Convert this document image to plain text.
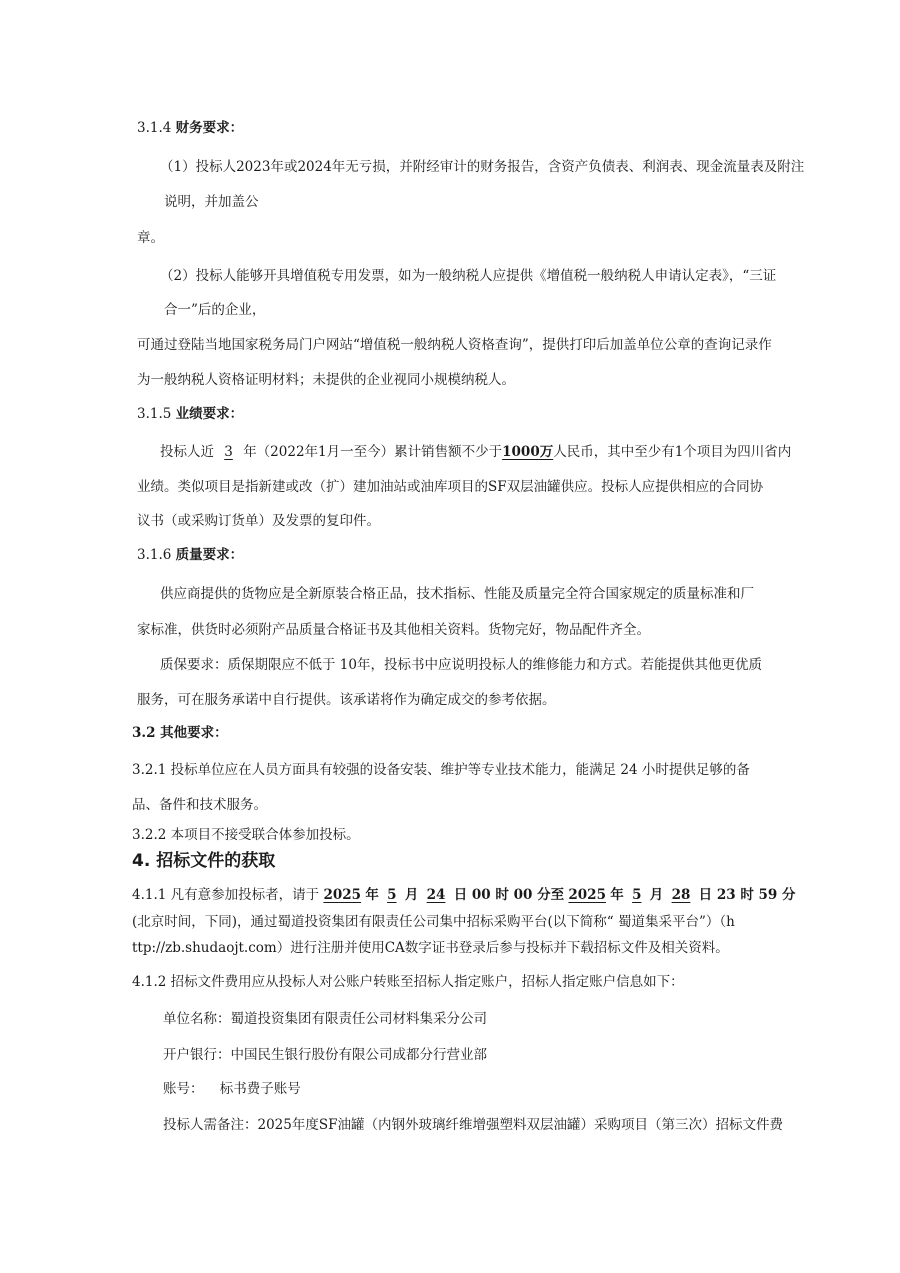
3.1.4 财务要求：
（1）投标人2023年或2024年无亏损，并附经审计的财务报告，含资产负债表、利润表、现金流量表及附注
说明，并加盖公
章。
（2）投标人能够开具增值税专用发票，如为一般纳税人应提供《增值税一般纳税人申请认定表》，“三证
合一”后的企业，
可通过登陆当地国家税务局门户网站“增值税一般纳税人资格查询”，提供打印后加盖单位公章的查询记录作
为一般纳税人资格证明材料；未提供的企业视同小规模纳税人。
3.1.5 业绩要求：
投标人近 3 年（2022年1月一至今）累计销售额不少于1000万人民币，其中至少有1个项目为四川省内
业绩。类似项目是指新建或改（扩）建加油站或油库项目的SF双层油罐供应。投标人应提供相应的合同协
议书（或采购订货单）及发票的复印件。
3.1.6 质量要求：
供应商提供的货物应是全新原装合格正品，技术指标、性能及质量完全符合国家规定的质量标准和厂
家标准，供货时必须附产品质量合格证书及其他相关资料。货物完好，物品配件齐全。
质保要求：质保期限应不低于 10年，投标书中应说明投标人的维修能力和方式。若能提供其他更优质
服务，可在服务承诺中自行提供。该承诺将作为确定成交的参考依据。
3.2 其他要求：
3.2.1 投标单位应在人员方面具有较强的设备安装、维护等专业技术能力，能满足 24 小时提供足够的备
品、备件和技术服务。
3.2.2 本项目不接受联合体参加投标。
4. 招标文件的获取
4.1.1 凡有意参加投标者，请于 2025 年 5 月 24 日 00 时 00 分至 2025 年 5 月 28 日 23 时 59 分
(北京时间，下同)，通过蜀道投资集团有限责任公司集中招标采购平台(以下简称“ 蜀道集采平台”）（h
ttp://zb.shudaojt.com）进行注册并使用CA数字证书登录后参与投标并下载招标文件及相关资料。
4.1.2 招标文件费用应从投标人对公账户转账至招标人指定账户，招标人指定账户信息如下：
单位名称：蜀道投资集团有限责任公司材料集采分公司
开户银行：中国民生银行股份有限公司成都分行营业部
账号： 标书费子账号
投标人需备注：2025年度SF油罐（内钢外玻璃纤维增强塑料双层油罐）采购项目（第三次）招标文件费
